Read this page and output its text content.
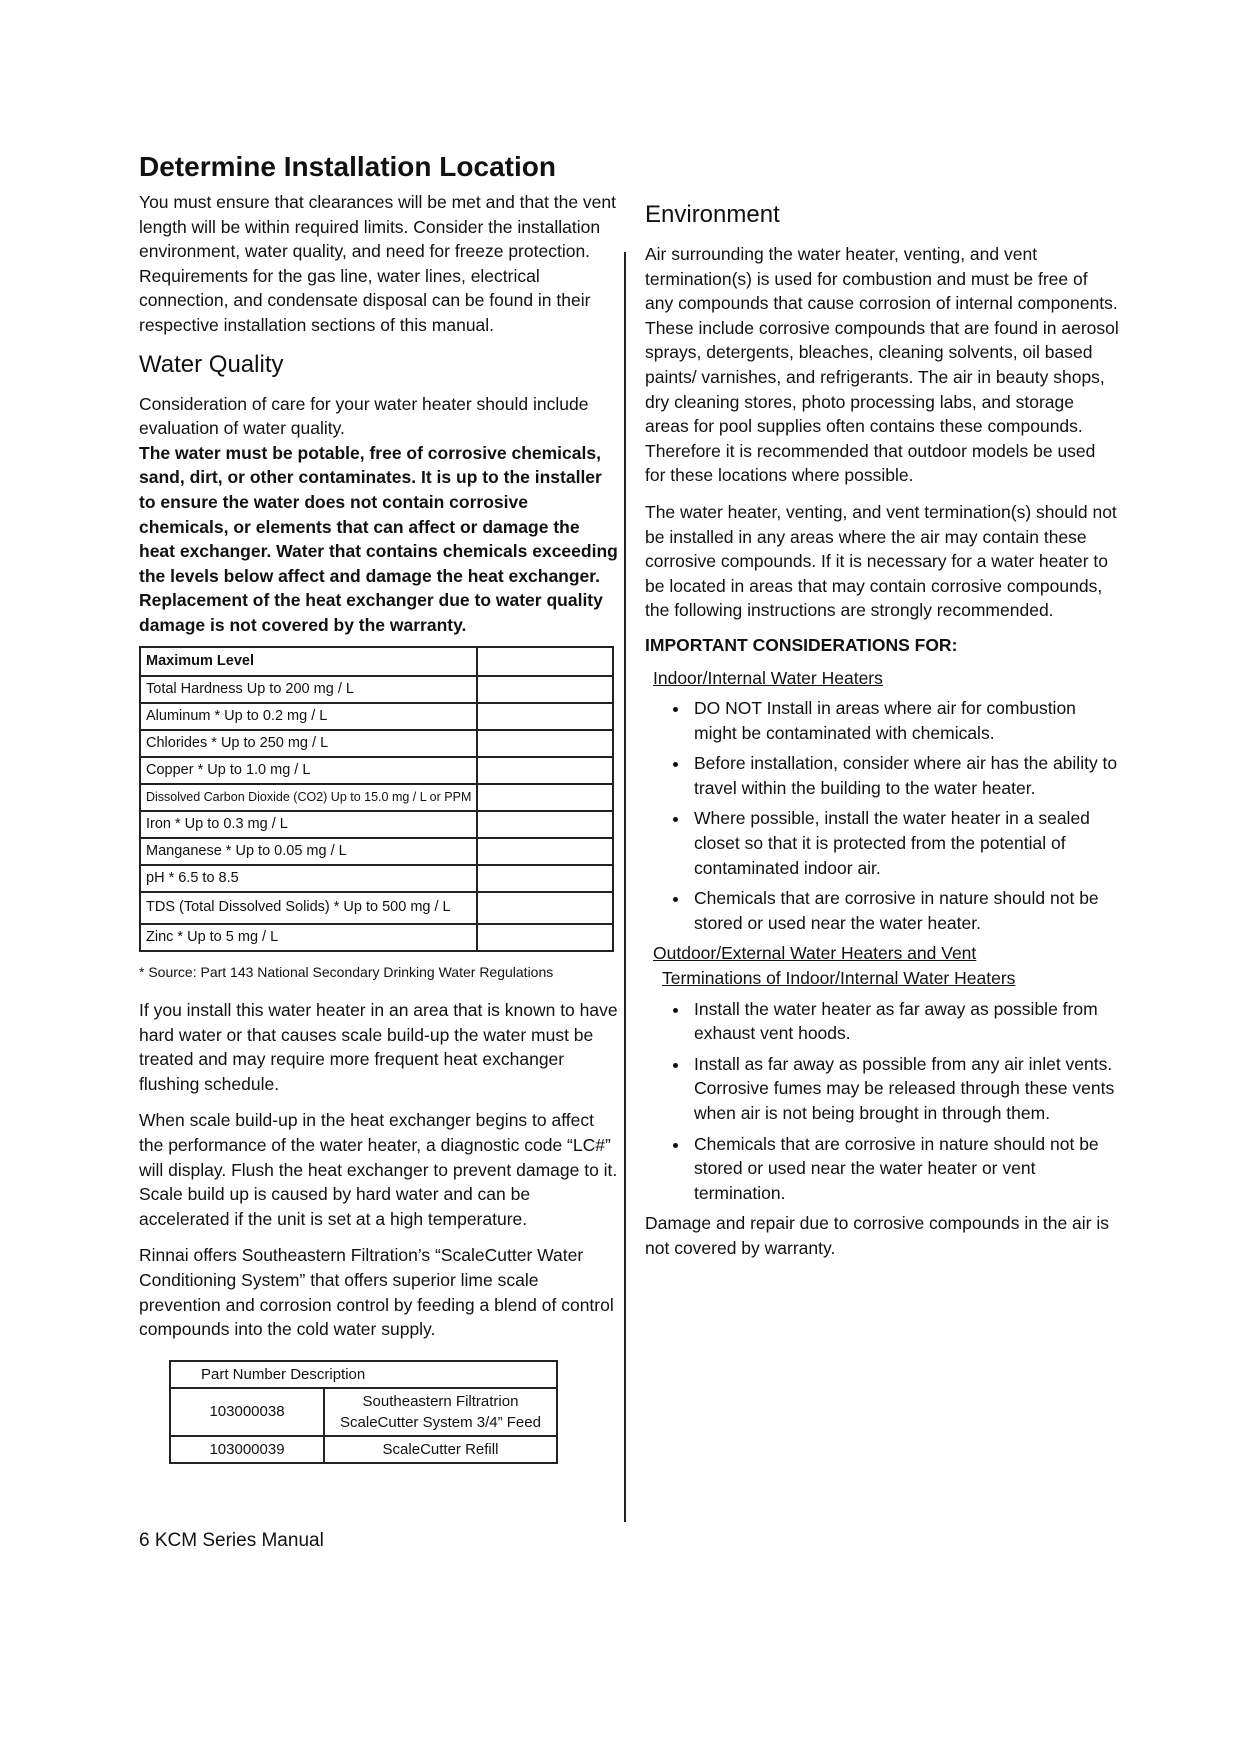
Determine Installation Location

You must ensure that clearances will be met and that the vent length will be within required limits. Consider the installation environment, water quality, and need for freeze protection. Requirements for the gas line, water lines, electrical connection, and condensate disposal can be found in their respective installation sections of this manual.

Water Quality

Consideration of care for your water heater should include evaluation of water quality.

The water must be potable, free of corrosive chemicals, sand, dirt, or other contaminates. It is up to the installer to ensure the water does not contain corrosive chemicals, or elements that can affect or damage the heat exchanger. Water that contains chemicals exceeding the levels below affect and damage the heat exchanger. Replacement of the heat exchanger due to water quality damage is not covered by the warranty.

Maximum Level	
Total Hardness Up to 200 mg / L	
Aluminum * Up to 0.2 mg / L	
Chlorides * Up to 250 mg / L	
Copper * Up to 1.0 mg / L	
Dissolved Carbon Dioxide (CO2) Up to 15.0 mg / L or PPM	
Iron * Up to 0.3 mg / L	
Manganese * Up to 0.05 mg / L	
pH * 6.5 to 8.5	
TDS (Total Dissolved Solids) * Up to 500 mg / L	
Zinc * Up to 5 mg / L	

* Source: Part 143 National Secondary Drinking Water Regulations

If you install this water heater in an area that is known to have hard water or that causes scale build-up the water must be treated and may require more frequent heat exchanger flushing schedule.

When scale build-up in the heat exchanger begins to affect the performance of the water heater, a diagnostic code “LC#” will display. Flush the heat exchanger to prevent damage to it. Scale build up is caused by hard water and can be accelerated if the unit is set at a high temperature.

Rinnai offers Southeastern Filtration’s “ScaleCutter Water Conditioning System” that offers superior lime scale prevention and corrosion control by feeding a blend of control compounds into the cold water supply.

Part Number Description	
103000038	Southeastern Filtratrion
ScaleCutter System 3/4” Feed

103000039	ScaleCutter Refill
Environment

Air surrounding the water heater, venting, and vent termination(s) is used for combustion and must be free of any compounds that cause corrosion of internal components. These include corrosive compounds that are found in aerosol sprays, detergents, bleaches, cleaning solvents, oil based paints/ varnishes, and refrigerants. The air in beauty shops, dry cleaning stores, photo processing labs, and storage areas for pool supplies often contains these compounds. Therefore it is recommended that outdoor models be used for these locations where possible.

The water heater, venting, and vent termination(s) should not be installed in any areas where the air may contain these corrosive compounds. If it is necessary for a water heater to be located in areas that may contain corrosive compounds, the following instructions are strongly recommended.

IMPORTANT CONSIDERATIONS FOR:

Indoor/Internal Water Heaters
• DO NOT Install in areas where air for combustion might be contaminated with chemicals.
• Before installation, consider where air has the ability to travel within the building to the water heater.
• Where possible, install the water heater in a sealed closet so that it is protected from the potential of contaminated indoor air.
• Chemicals that are corrosive in nature should not be stored or used near the water heater.
Outdoor/External Water Heaters and Vent
Terminations of Indoor/Internal Water Heaters
• Install the water heater as far away as possible from exhaust vent hoods.
• Install as far away as possible from any air inlet vents. Corrosive fumes may be released through these vents when air is not being brought in through them.
• Chemicals that are corrosive in nature should not be stored or used near the water heater or vent termination.

Damage and repair due to corrosive compounds in the air is not covered by warranty.

6 KCM Series Manual
